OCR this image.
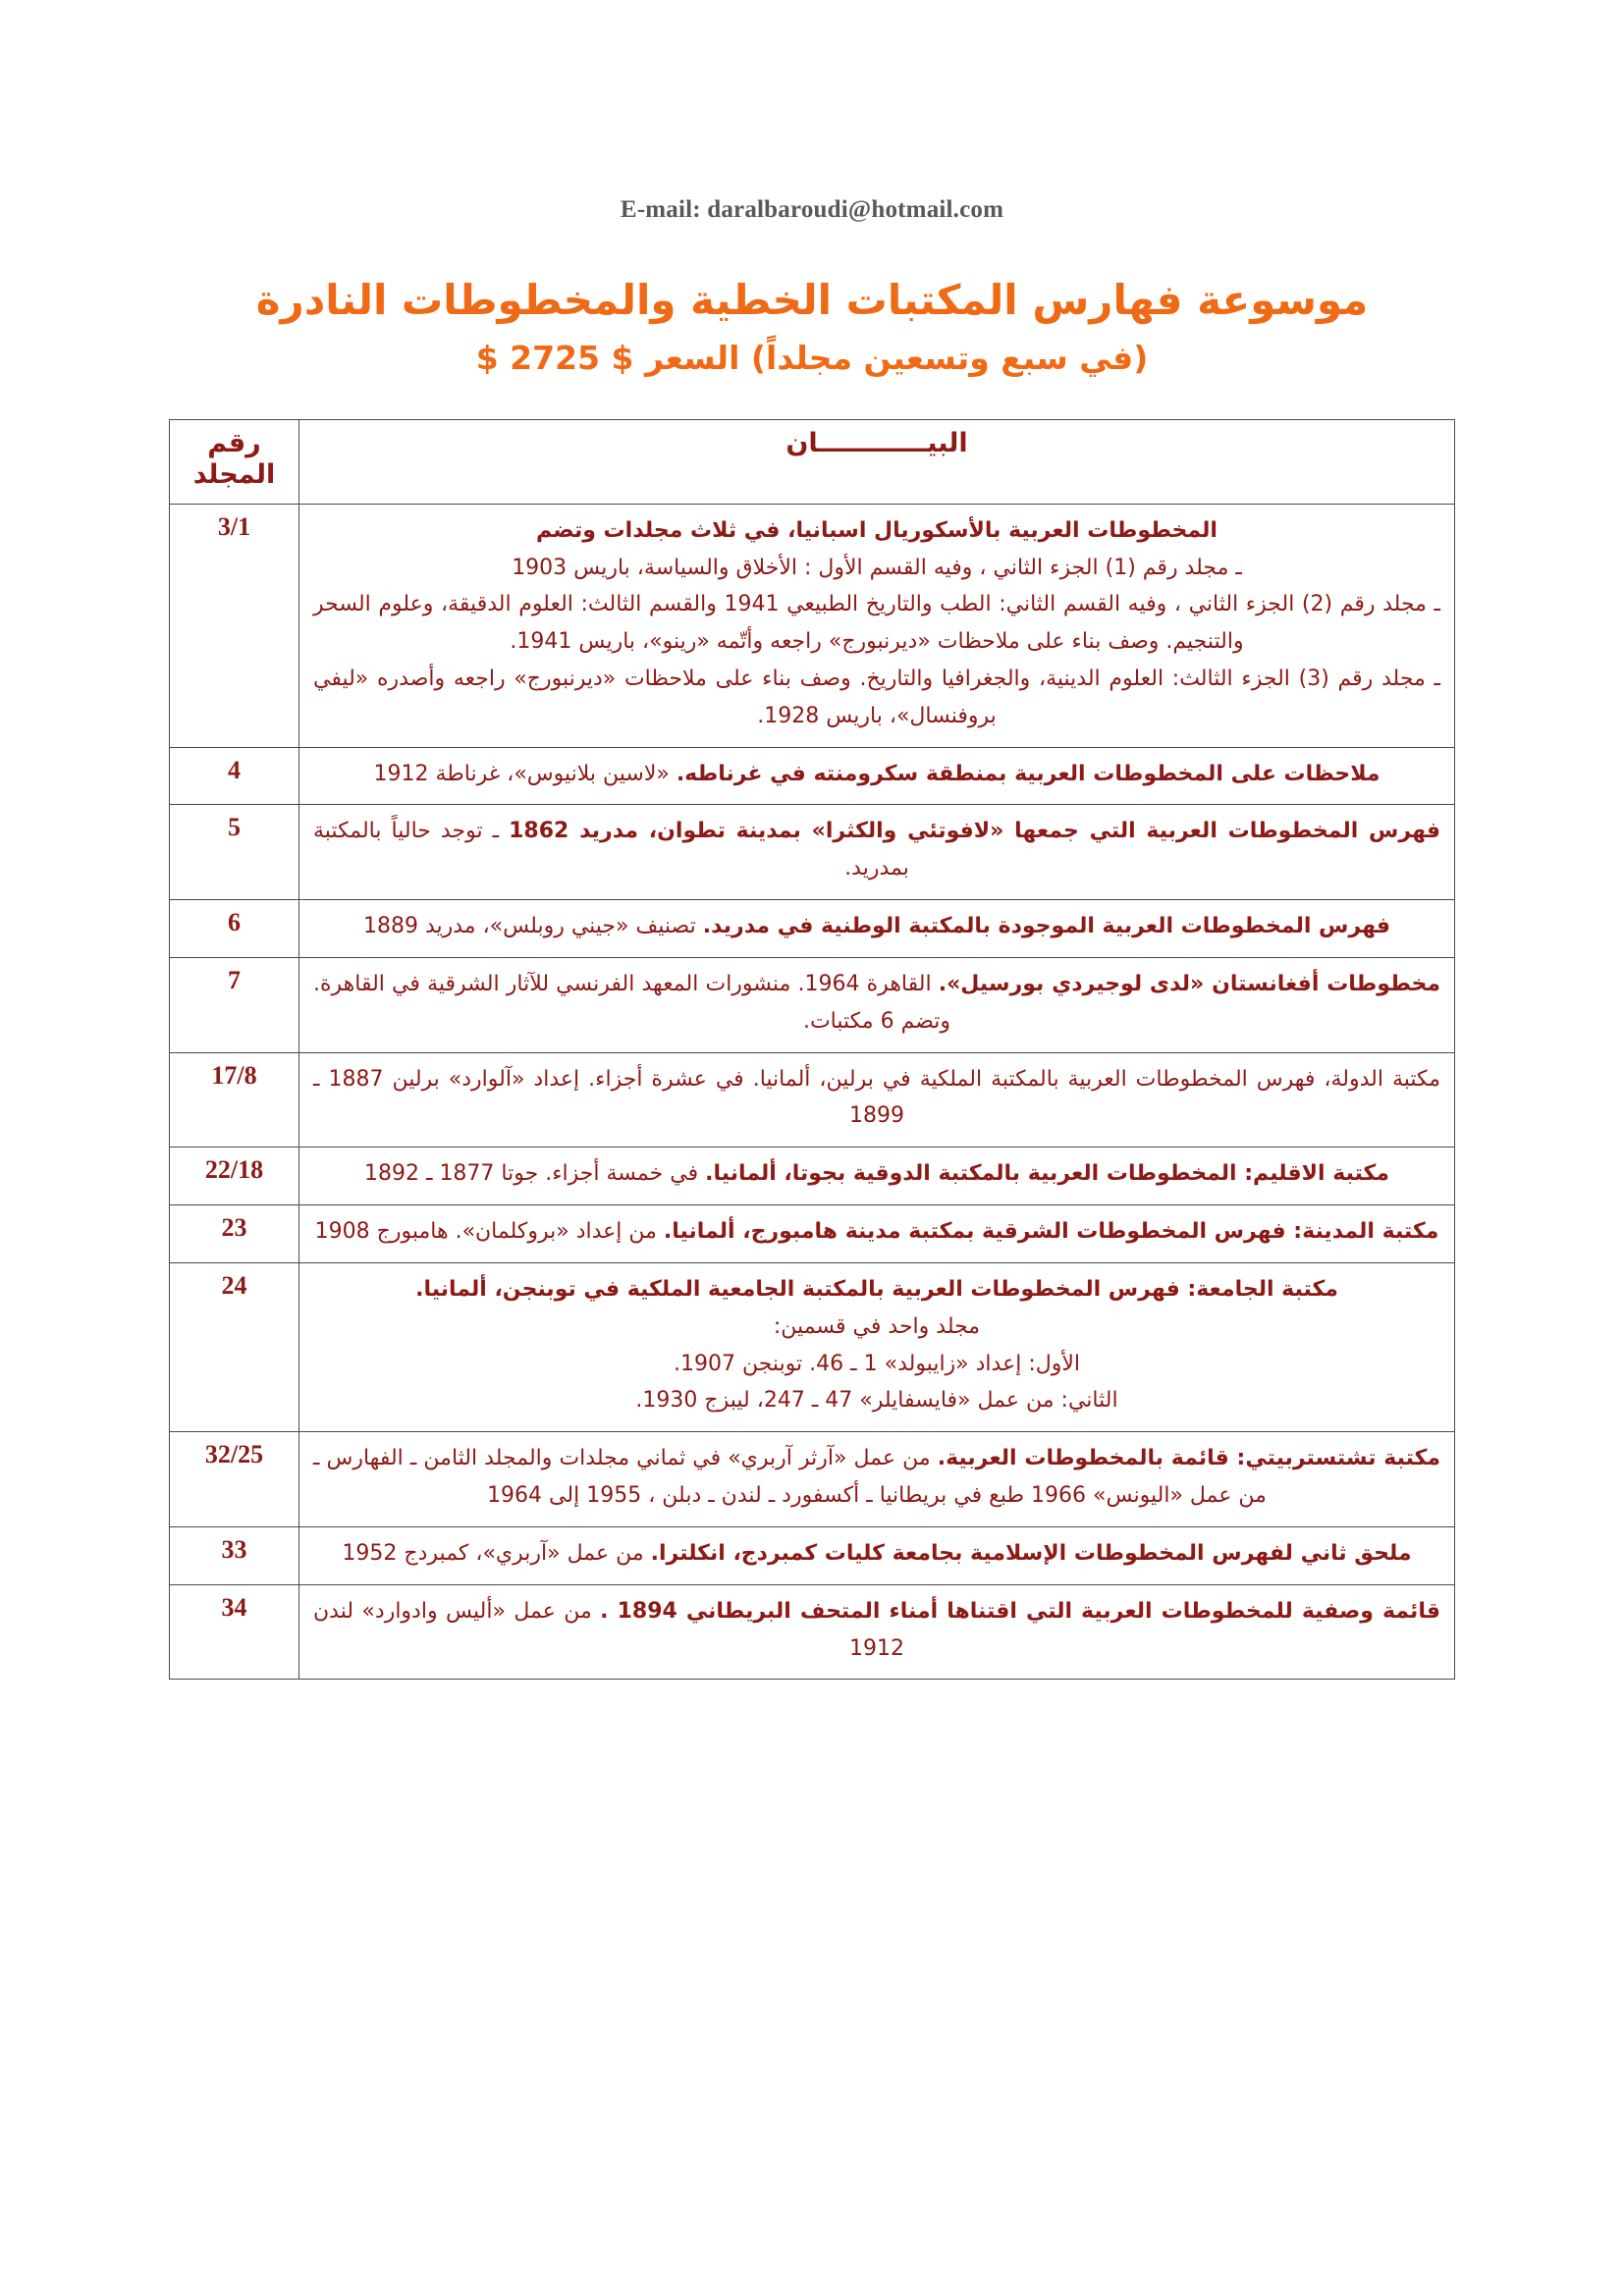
E-mail: daralbaroudi@hotmail.com
موسوعة فهارس المكتبات الخطية والمخطوطات النادرة
(في سبع وتسعين مجلداً) السعر $ 2725 $
البيــــــــــــان	رقم المجلد

المخطوطات العربية بالأسكوريال اسبانيا، في ثلاث مجلدات وتضم
ـ مجلد رقم (1) الجزء الثاني ، وفيه القسم الأول : الأخلاق والسياسة، باريس 1903
ـ مجلد رقم (2) الجزء الثاني ، وفيه القسم الثاني: الطب والتاريخ الطبيعي 1941 والقسم الثالث: العلوم الدقيقة، وعلوم السحر والتنجيم. وصف بناء على ملاحظات «ديرنبورج» راجعه وأتّمه «رينو»، باريس 1941.
ـ مجلد رقم (3) الجزء الثالث: العلوم الدينية، والجغرافيا والتاريخ. وصف بناء على ملاحظات «ديرنبورج» راجعه وأصدره «ليفي بروفنسال»، باريس 1928.	3/1

ملاحظات على المخطوطات العربية بمنطقة سكرومنته في غرناطه. «لاسين بلانيوس»، غرناطة 1912	4

فهرس المخطوطات العربية التي جمعها «لافوتئي والكثرا» بمدينة تطوان، مدريد 1862 ـ توجد حالياً بالمكتبة بمدريد.	5

فهرس المخطوطات العربية الموجودة بالمكتبة الوطنية في مدريد. تصنيف «جيني روبلس»، مدريد 1889	6

مخطوطات أفغانستان «لدى لوجيردي بورسيل». القاهرة 1964. منشورات المعهد الفرنسي للآثار الشرقية في القاهرة. وتضم 6 مكتبات.	7

مكتبة الدولة، فهرس المخطوطات العربية بالمكتبة الملكية في برلين، ألمانيا. في عشرة أجزاء. إعداد «آلوارد» برلين 1887 ـ 1899	17/8

مكتبة الاقليم: المخطوطات العربية بالمكتبة الدوقية بجوتا، ألمانيا. في خمسة أجزاء. جوتا 1877 ـ 1892	22/18

مكتبة المدينة: فهرس المخطوطات الشرقية بمكتبة مدينة هامبورج، ألمانيا. من إعداد «بروكلمان». هامبورج 1908	23

مكتبة الجامعة: فهرس المخطوطات العربية بالمكتبة الجامعية الملكية في توبنجن، ألمانيا.
مجلد واحد في قسمين:
الأول: إعداد «زايبولد» 1 ـ 46. توبنجن 1907.
الثاني: من عمل «فايسفايلر» 47 ـ 247، ليبزج 1930.	24

مكتبة تشتستربيتي: قائمة بالمخطوطات العربية. من عمل «آرثر آربري» في ثماني مجلدات والمجلد الثامن ـ الفهارس ـ من عمل «اليونس» 1966 طبع في بريطانيا ـ أكسفورد ـ لندن ـ دبلن ، 1955 إلى 1964	32/25

ملحق ثاني لفهرس المخطوطات الإسلامية بجامعة كليات كمبردج، انكلترا. من عمل «آربري»، كمبردج 1952	33

قائمة وصفية للمخطوطات العربية التي اقتناها أمناء المتحف البريطاني 1894 . من عمل «أليس وادوارد» لندن 1912	34
